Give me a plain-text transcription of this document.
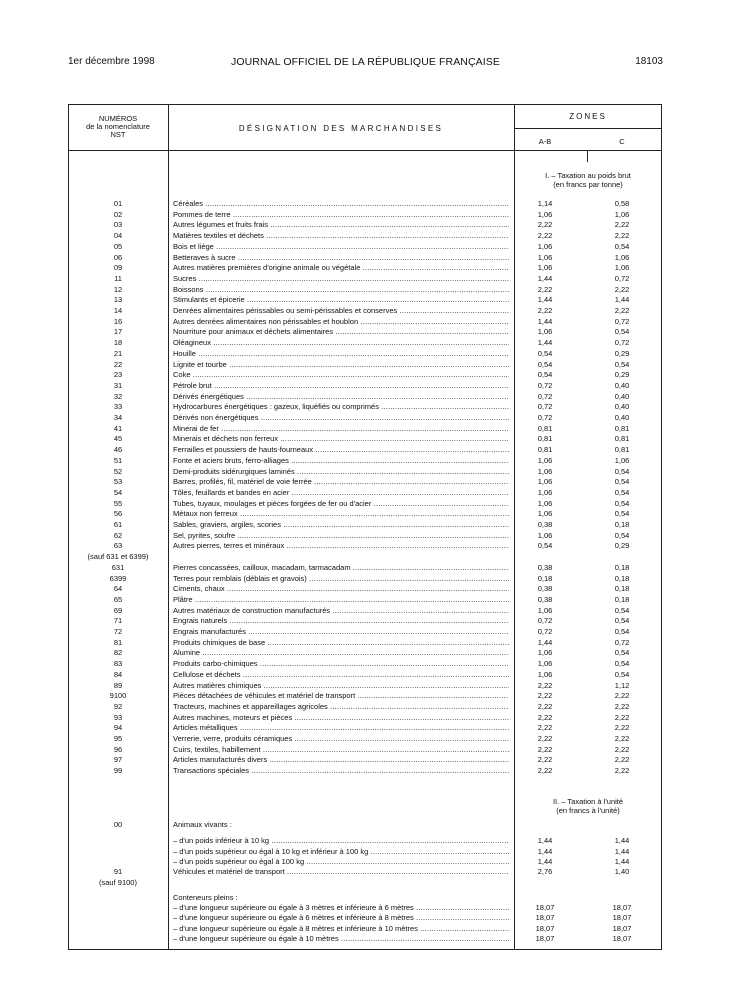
1er décembre 1998	JOURNAL OFFICIEL DE LA RÉPUBLIQUE FRANÇAISE	18103
NUMÉROS
de la nomenclature
NST
DÉSIGNATION DES MARCHANDISES
ZONES
A-B	C
I. – Taxation au poids brut
(en francs par tonne)
01	Céréales .....	1,14	0,58
02	Pommes de terre .....	1,06	1,06
03	Autres légumes et fruits frais .....	2,22	2,22
04	Matières textiles et déchets .....	2,22	2,22
05	Bois et liège .....	1,06	0,54
06	Betteraves à sucre .....	1,06	1,06
09	Autres matières premières d'origine animale ou végétale .....	1,06	1,06
11	Sucres .....	1,44	0,72
12	Boissons .....	2,22	2,22
13	Stimulants et épicerie .....	1,44	1,44
14	Denrées alimentaires périssables ou semi-périssables et conserves .....	2,22	2,22
16	Autres denrées alimentaires non périssables et houblon .....	1,44	0,72
17	Nourriture pour animaux et déchets alimentaires .....	1,06	0,54
18	Oléagineux .....	1,44	0,72
21	Houille .....	0,54	0,29
22	Lignite et tourbe .....	0,54	0,54
23	Coke .....	0,54	0,29
31	Pétrole brut .....	0,72	0,40
32	Dérivés énergétiques .....	0,72	0,40
33	Hydrocarbures énergétiques : gazeux, liquéfiés ou comprimés .....	0,72	0,40
34	Dérivés non énergétiques .....	0,72	0,40
41	Minerai de fer .....	0,81	0,81
45	Minerais et déchets non ferreux .....	0,81	0,81
46	Ferrailles et poussiers de hauts-fourneaux .....	0,81	0,81
51	Fonte et aciers bruts, ferro-alliages .....	1,06	1,06
52	Demi-produits sidérurgiques laminés .....	1,06	0,54
53	Barres, profilés, fil, matériel de voie ferrée .....	1,06	0,54
54	Tôles, feuillards et bandes en acier .....	1,06	0,54
55	Tubes, tuyaux, moulages et pièces forgées de fer ou d'acier .....	1,06	0,54
56	Métaux non ferreux .....	1,06	0,54
61	Sables, graviers, argiles, scories .....	0,38	0,18
62	Sel, pyrites, soufre .....	1,06	0,54
63	Autres pierres, terres et minéraux .....	0,54	0,29
(sauf 631 et 6399)
631	Pierres concassées, cailloux, macadam, tarmacadam .....	0,38	0,18
6399	Terres pour remblais (déblais et gravois) .....	0,18	0,18
64	Ciments, chaux .....	0,38	0,18
65	Plâtre .....	0,38	0,18
69	Autres matériaux de construction manufacturés .....	1,06	0,54
71	Engrais naturels .....	0,72	0,54
72	Engrais manufacturés .....	0,72	0,54
81	Produits chimiques de base .....	1,44	0,72
82	Alumine .....	1,06	0,54
83	Produits carbo-chimiques .....	1,06	0,54
84	Cellulose et déchets .....	1,06	0,54
89	Autres matières chimiques .....	2,22	1,12
9100	Pièces détachées de véhicules et matériel de transport .....	2,22	2,22
92	Tracteurs, machines et appareillages agricoles .....	2,22	2,22
93	Autres machines, moteurs et pièces .....	2,22	2,22
94	Articles métalliques .....	2,22	2,22
95	Verrerie, verre, produits céramiques .....	2,22	2,22
96	Cuirs, textiles, habillement .....	2,22	2,22
97	Articles manufacturés divers .....	2,22	2,22
99	Transactions spéciales .....	2,22	2,22
II. – Taxation à l'unité
(en francs à l'unité)
00	Animaux vivants :
– d'un poids inférieur à 10 kg .....	1,44	1,44
– d'un poids supérieur ou égal à 10 kg et inférieur à 100 kg .....	1,44	1,44
– d'un poids supérieur ou égal à 100 kg .....	1,44	1,44
91	Véhicules et matériel de transport .....	2,76	1,40
(sauf 9100)
Conteneurs pleins :
– d'une longueur supérieure ou égale à 3 mètres et inférieure à 6 mètres .....	18,07	18,07
– d'une longueur supérieure ou égale à 6 mètres et inférieure à 8 mètres .....	18,07	18,07
– d'une longueur supérieure ou égale à 8 mètres et inférieure à 10 mètres .....	18,07	18,07
– d'une longueur supérieure ou égale à 10 mètres .....	18,07	18,07
